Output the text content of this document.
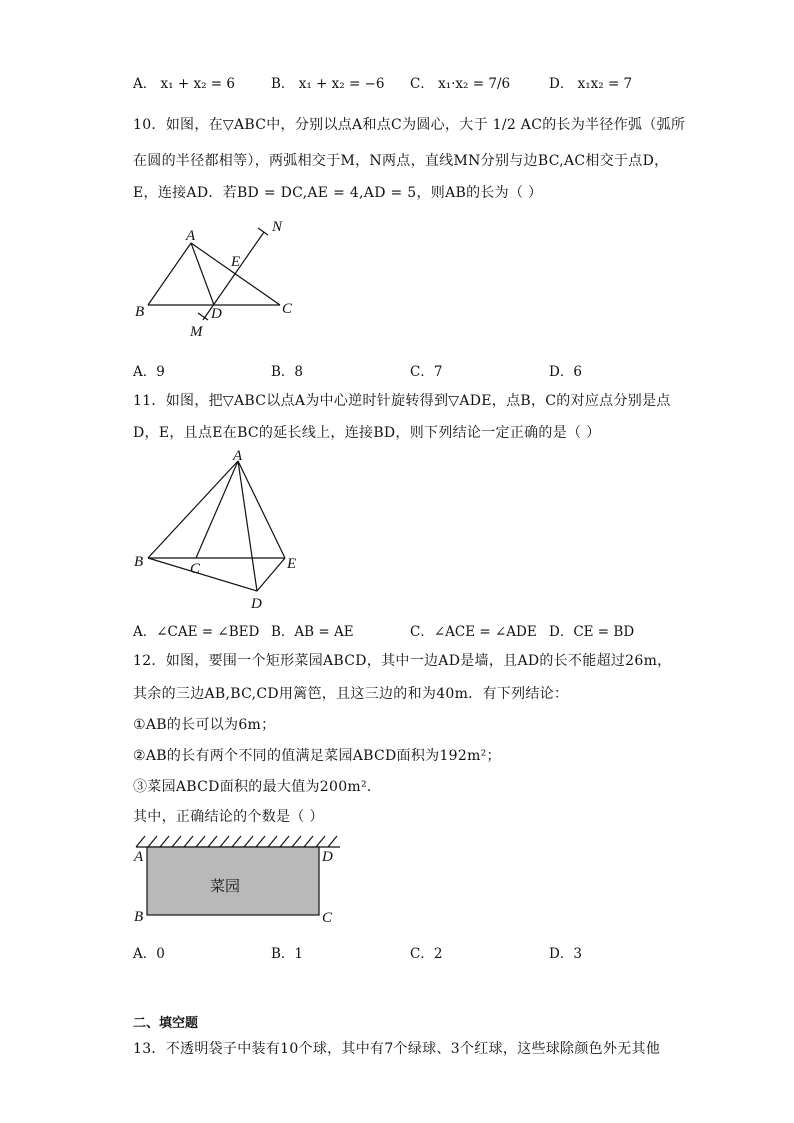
A． x₁ + x₂ = 6	B． x₁ + x₂ = −6 C． x₁·x₂ = 7/6	D． x₁x₂ = 7
10．如图，在▽ABC中，分别以点A和点C为圆心，大于 1/2 AC的长为半径作弧（弧所
在圆的半径都相等），两弧相交于M，N两点，直线MN分别与边BC,AC相交于点D，
E，连接AD．若BD = DC,AE = 4,AD = 5，则AB的长为（ ）
A
B	C
D
E
M
N
A．9	B．8	C．7	D．6
11．如图，把▽ABC以点A为中心逆时针旋转得到▽ADE，点B，C的对应点分别是点
D，E，且点E在BC的延长线上，连接BD，则下列结论一定正确的是（ ）
A
B	C
D
E
A．∠CAE = ∠BED B．AB = AE	C．∠ACE = ∠ADE D．CE = BD
12．如图，要围一个矩形菜园ABCD，其中一边AD是墙，且AD的长不能超过26m，
其余的三边AB,BC,CD用篱笆，且这三边的和为40m．有下列结论：
①AB的长可以为6m；
②AB的长有两个不同的值满足菜园ABCD面积为192m²；
③菜园ABCD面积的最大值为200m²．
其中，正确结论的个数是（ ）
菜园
A
B	C
D
A．0	B．1	C．2	D．3
二、填空题
13．不透明袋子中装有10个球，其中有7个绿球、3个红球，这些球除颜色外无其他
